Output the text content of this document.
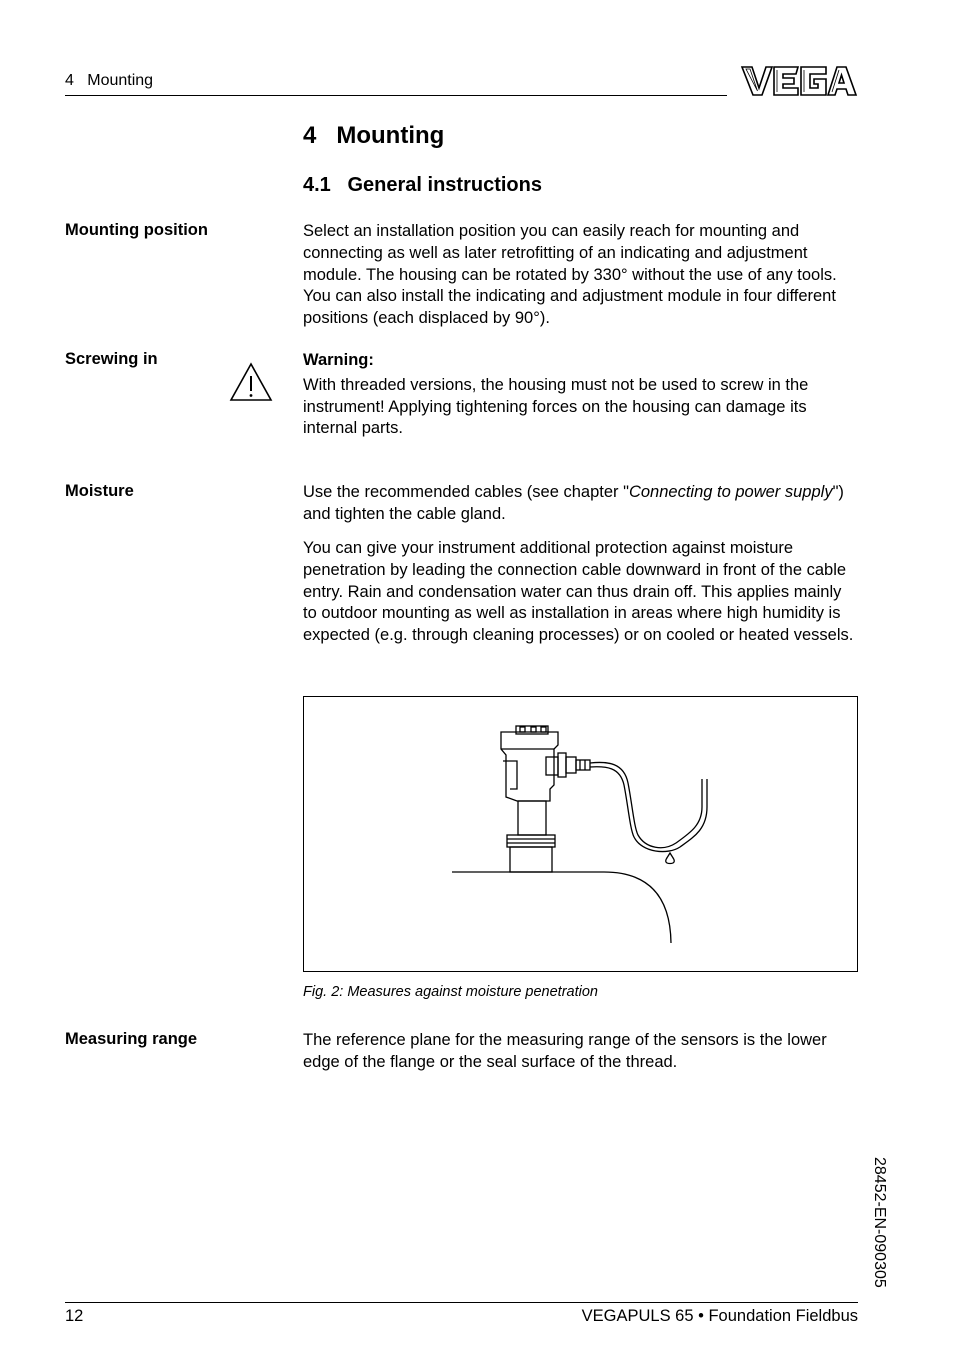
4   Mounting
4   Mounting
4.1   General instructions
Mounting position	Select an installation position you can easily reach for mounting and connecting as well as later retrofitting of an indicating and adjustment module. The housing can be rotated by 330° without the use of any tools. You can also install the indicating and adjustment module in four different positions (each displaced by 90°).

Screwing in	Warning:
With threaded versions, the housing must not be used to screw in the instrument! Applying tightening forces on the housing can damage its internal parts.
Moisture	Use the recommended cables (see chapter "Connecting to power supply") and tighten the cable gland.

You can give your instrument additional protection against moisture penetration by leading the connection cable downward in front of the cable entry. Rain and condensation water can thus drain off. This applies mainly to outdoor mounting as well as installation in areas where high humidity is expected (e.g. through cleaning processes) or on cooled or heated vessels.

Fig. 2: Measures against moisture penetration
Measuring range	The reference plane for the measuring range of the sensors is the lower edge of the flange or the seal surface of the thread.

28452-EN-090305
12	VEGAPULS 65 • Foundation Fieldbus
